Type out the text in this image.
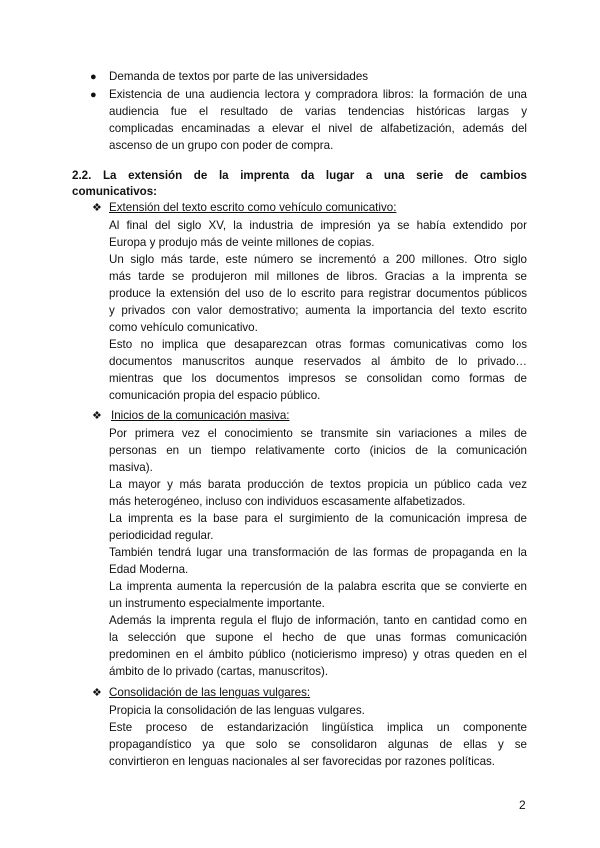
● Demanda de textos por parte de las universidades
● Existencia de una audiencia lectora y compradora libros: la formación de una
audiencia fue el resultado de varias tendencias históricas largas y
complicadas encaminadas a elevar el nivel de alfabetización, además del
ascenso de un grupo con poder de compra.
2.2. La extensión de la imprenta da lugar a una serie de cambios
comunicativos:
❖ Extensión del texto escrito como vehículo comunicativo:
Al final del siglo XV, la industria de impresión ya se había extendido por
Europa y produjo más de veinte millones de copias.
Un siglo más tarde, este número se incrementó a 200 millones. Otro siglo
más tarde se produjeron mil millones de libros. Gracias a la imprenta se
produce la extensión del uso de lo escrito para registrar documentos públicos
y privados con valor demostrativo; aumenta la importancia del texto escrito
como vehículo comunicativo.
Esto no implica que desaparezcan otras formas comunicativas como los
documentos manuscritos aunque reservados al ámbito de lo privado…
mientras que los documentos impresos se consolidan como formas de
comunicación propia del espacio público.
❖ Inicios de la comunicación masiva:
Por primera vez el conocimiento se transmite sin variaciones a miles de
personas en un tiempo relativamente corto (inicios de la comunicación
masiva).
La mayor y más barata producción de textos propicia un público cada vez
más heterogéneo, incluso con individuos escasamente alfabetizados.
La imprenta es la base para el surgimiento de la comunicación impresa de
periodicidad regular.
También tendrá lugar una transformación de las formas de propaganda en la
Edad Moderna.
La imprenta aumenta la repercusión de la palabra escrita que se convierte en
un instrumento especialmente importante.
Además la imprenta regula el flujo de información, tanto en cantidad como en
la selección que supone el hecho de que unas formas comunicación
predominen en el ámbito público (noticierismo impreso) y otras queden en el
ámbito de lo privado (cartas, manuscritos).
❖ Consolidación de las lenguas vulgares:
Propicia la consolidación de las lenguas vulgares.
Este proceso de estandarización lingüística implica un componente
propagandístico ya que solo se consolidaron algunas de ellas y se
convirtieron en lenguas nacionales al ser favorecidas por razones políticas.
2
